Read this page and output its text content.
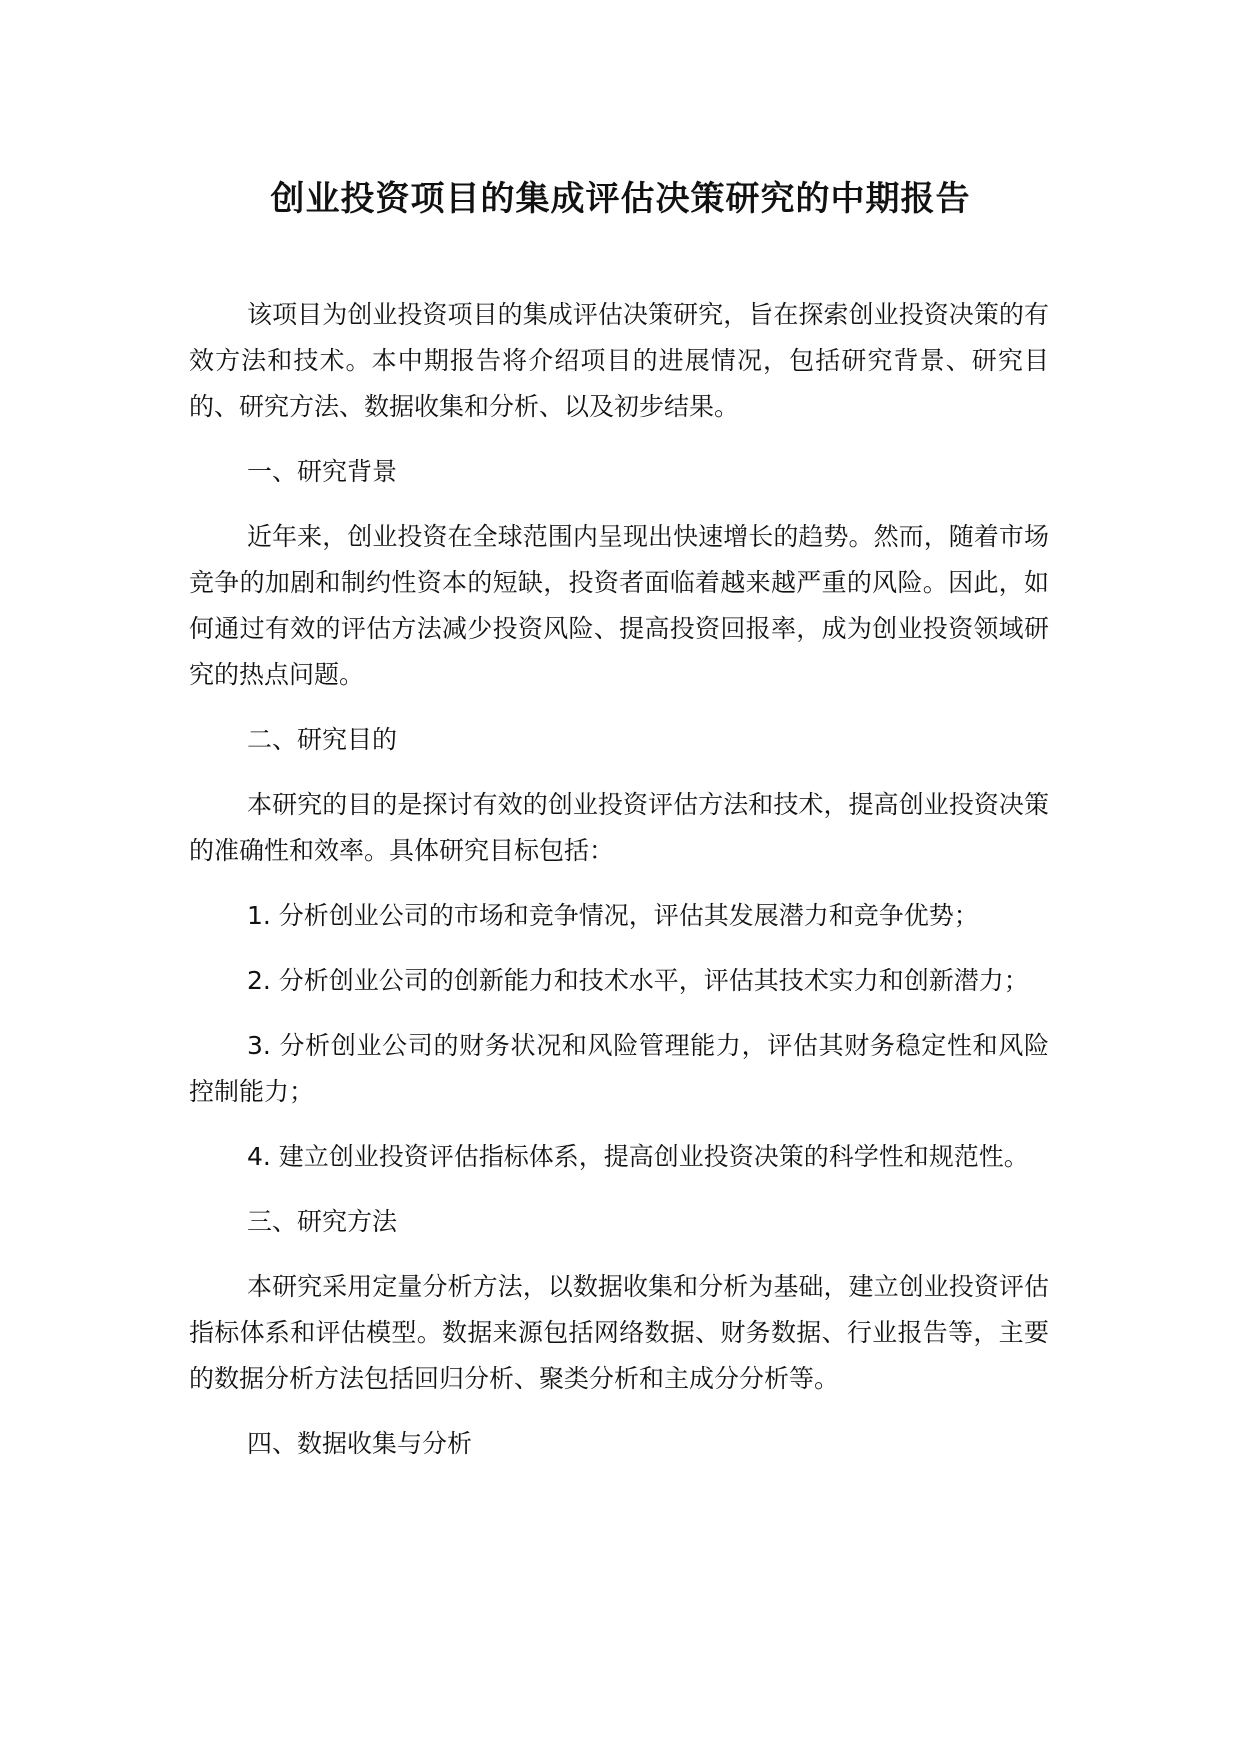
创业投资项目的集成评估决策研究的中期报告

该项目为创业投资项目的集成评估决策研究，旨在探索创业投资决策的有效方法和技术。本中期报告将介绍项目的进展情况，包括研究背景、研究目的、研究方法、数据收集和分析、以及初步结果。

一、研究背景

近年来，创业投资在全球范围内呈现出快速增长的趋势。然而，随着市场竞争的加剧和制约性资本的短缺，投资者面临着越来越严重的风险。因此，如何通过有效的评估方法减少投资风险、提高投资回报率，成为创业投资领域研究的热点问题。

二、研究目的

本研究的目的是探讨有效的创业投资评估方法和技术，提高创业投资决策的准确性和效率。具体研究目标包括：

1. 分析创业公司的市场和竞争情况，评估其发展潜力和竞争优势；

2. 分析创业公司的创新能力和技术水平，评估其技术实力和创新潜力；

3. 分析创业公司的财务状况和风险管理能力，评估其财务稳定性和风险控制能力；

4. 建立创业投资评估指标体系，提高创业投资决策的科学性和规范性。

三、研究方法

本研究采用定量分析方法，以数据收集和分析为基础，建立创业投资评估指标体系和评估模型。数据来源包括网络数据、财务数据、行业报告等，主要的数据分析方法包括回归分析、聚类分析和主成分分析等。

四、数据收集与分析
